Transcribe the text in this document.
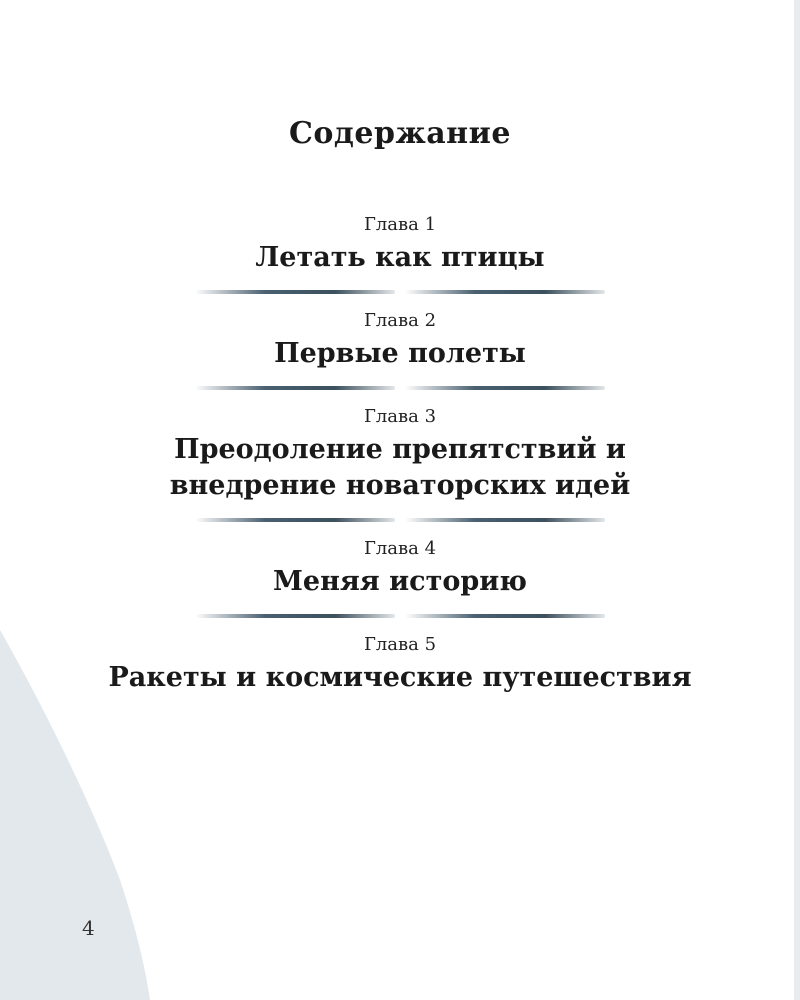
Содержание
Глава 1
Летать как птицы
Глава 2
Первые полеты
Глава 3
Преодоление препятствий и
внедрение новаторских идей
Глава 4
Меняя историю
Глава 5
Ракеты и космические путешествия
4
